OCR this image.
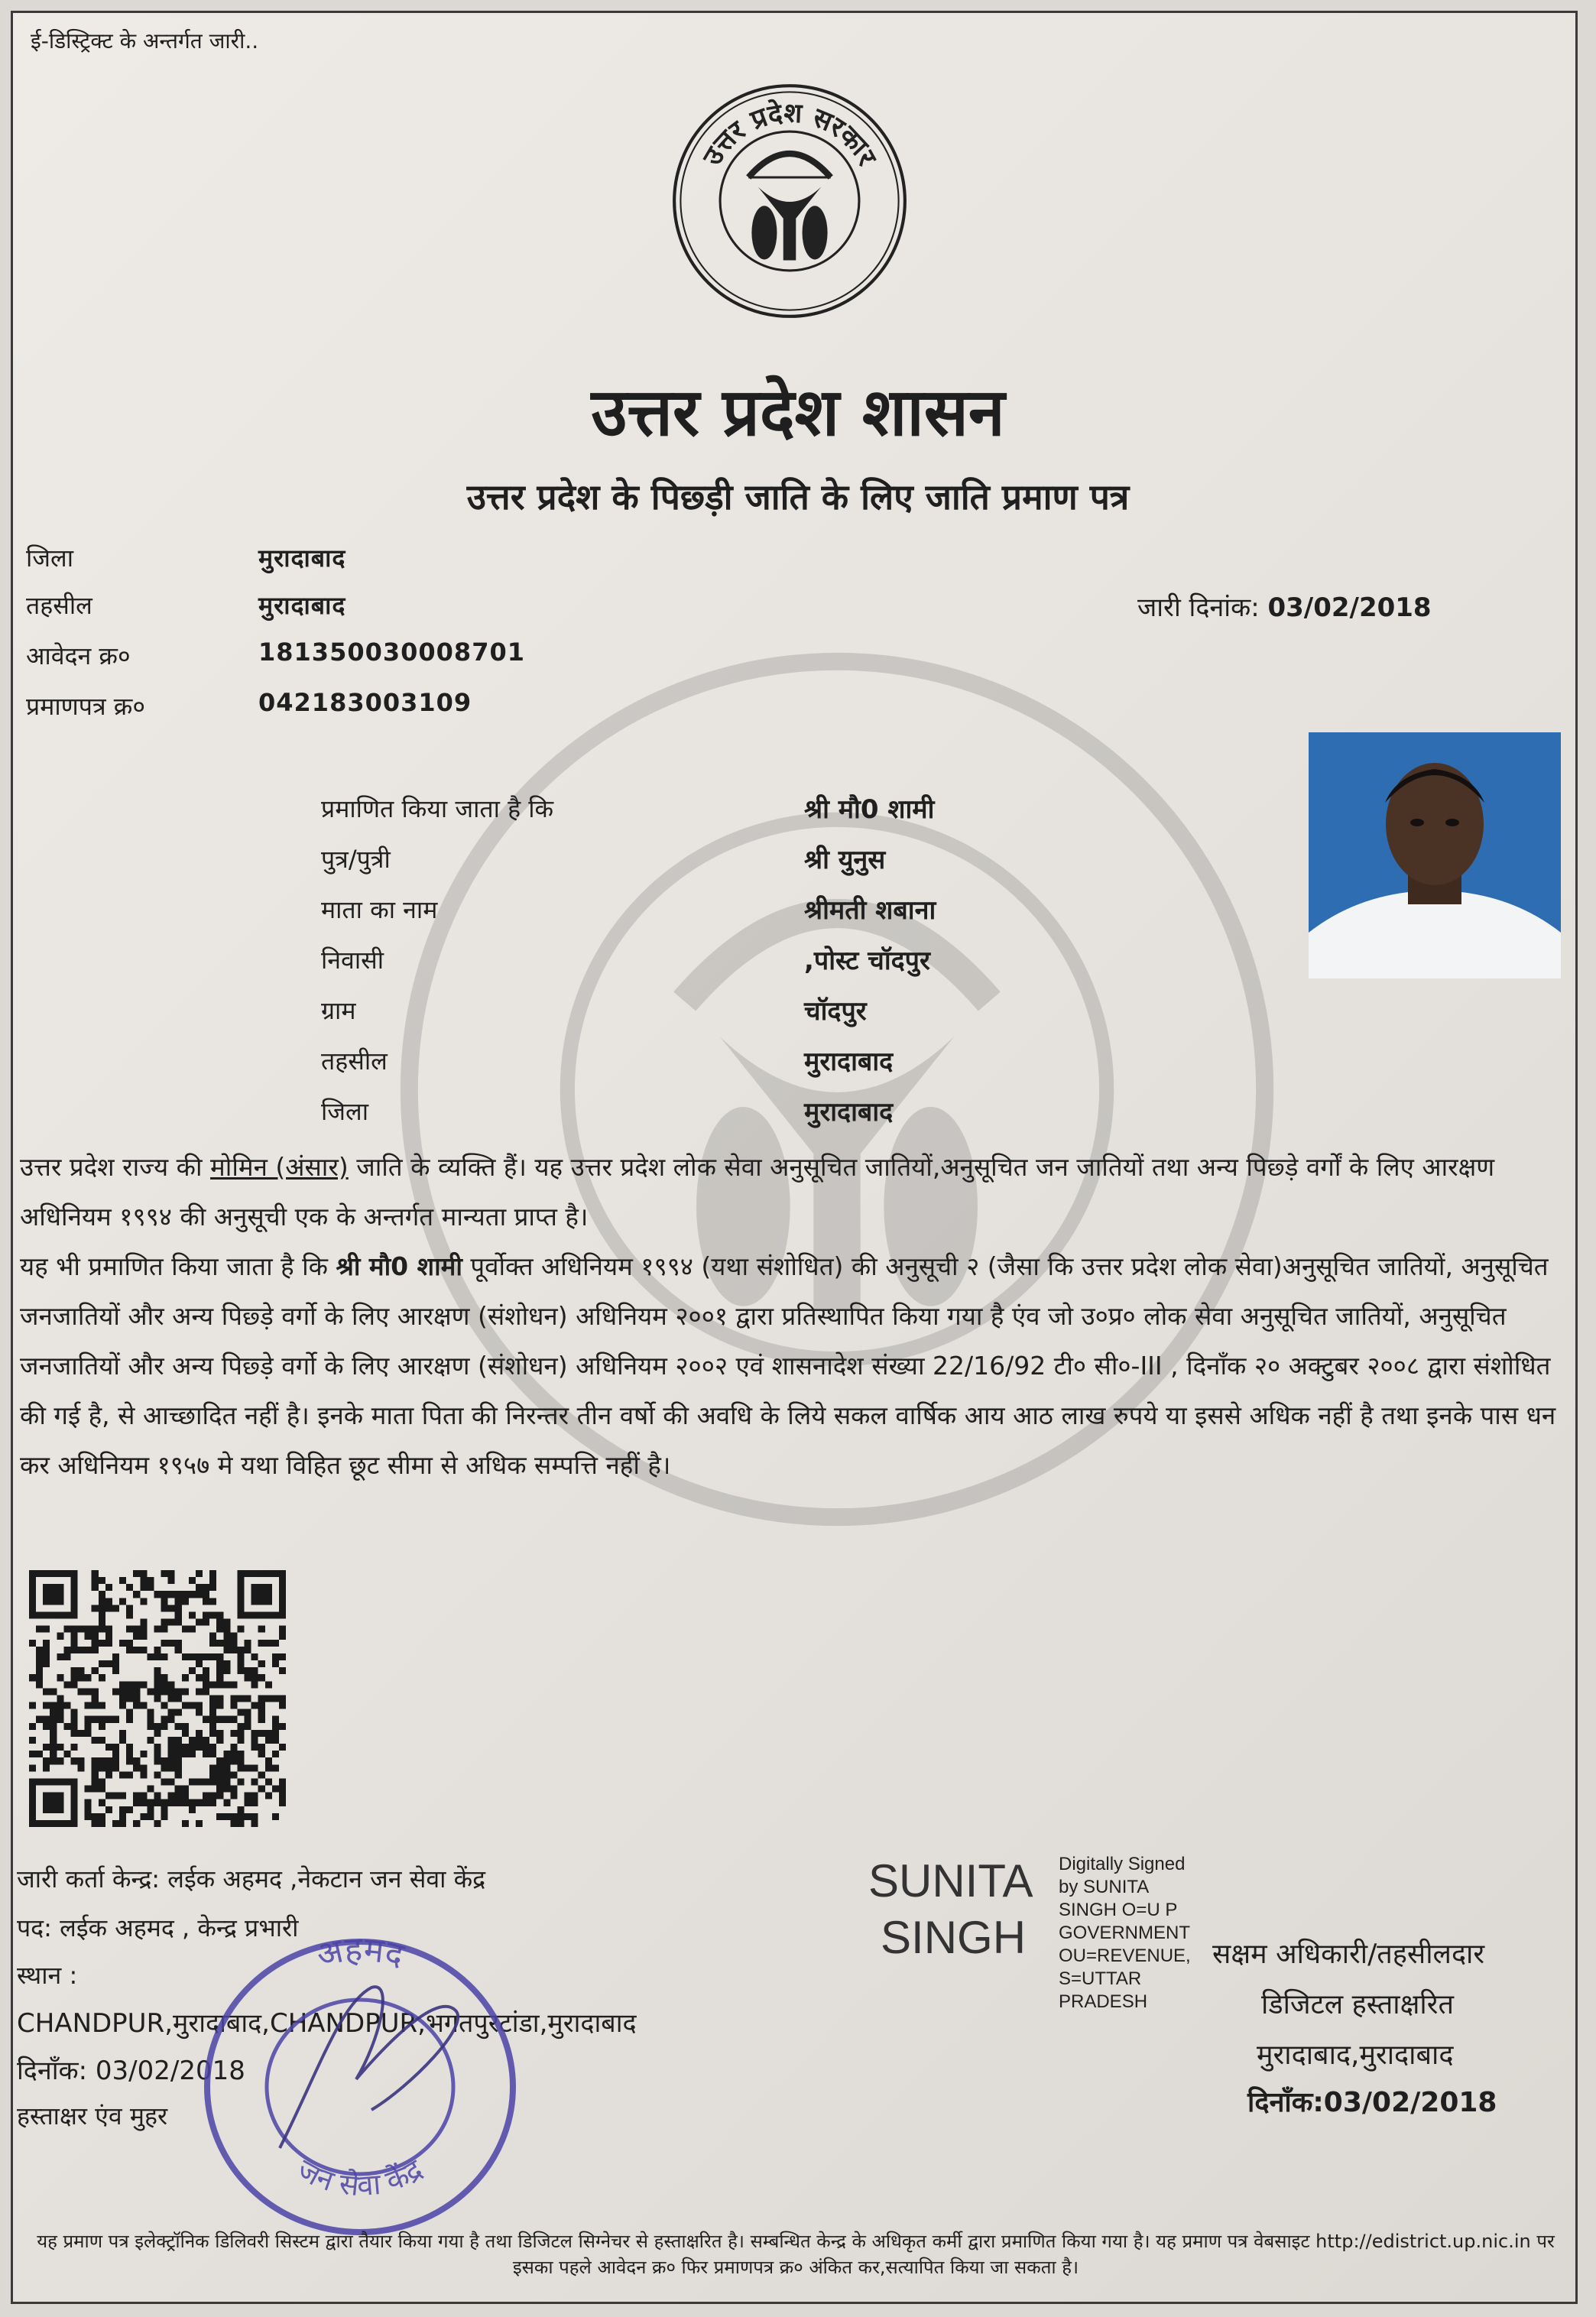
ई-डिस्ट्रिक्ट के अन्तर्गत जारी..
उत्तर प्रदेश सरकार
उत्तर प्रदेश शासन
उत्तर प्रदेश के पिछ्ड़ी जाति के लिए जाति प्रमाण पत्र
जिला	मुरादाबाद
तहसील	मुरादाबाद
आवेदन क्र०	181350030008701
प्रमाणपत्र क्र०	042183003109
जारी दिनांक: 03/02/2018
प्रमाणित किया जाता है कि	श्री मौ0 शामी
पुत्र/पुत्री	श्री युनुस
माता का नाम	श्रीमती शबाना
निवासी	,पोस्ट चॉदपुर
ग्राम	चॉदपुर
तहसील	मुरादाबाद
जिला	मुरादाबाद
उत्तर प्रदेश राज्य की मोमिन (अंसार) जाति के व्यक्ति हैं। यह उत्तर प्रदेश लोक सेवा अनुसूचित जातियों,अनुसूचित जन जातियों तथा अन्य पिछ्ड़े वर्गों के लिए आरक्षण अधिनियम १९९४ की अनुसूची एक के अन्तर्गत मान्यता प्राप्त है।
यह भी प्रमाणित किया जाता है कि श्री मौ0 शामी पूर्वोक्त अधिनियम १९९४ (यथा संशोधित) की अनुसूची २ (जैसा कि उत्तर प्रदेश लोक सेवा)अनुसूचित जातियों, अनुसूचित जनजातियों और अन्य पिछ्ड़े वर्गो के लिए आरक्षण (संशोधन) अधिनियम २००१ द्वारा प्रतिस्थापित किया गया है एंव जो उ०प्र० लोक सेवा अनुसूचित जातियों, अनुसूचित जनजातियों और अन्य पिछ्ड़े वर्गो के लिए आरक्षण (संशोधन) अधिनियम २००२ एवं शासनादेश संख्या 22/16/92 टी० सी०-III , दिनाँक २० अक्टुबर २००८ द्वारा संशोधित की गई है, से आच्छादित नहीं है। इनके माता पिता की निरन्तर तीन वर्षो की अवधि के लिये सकल वार्षिक आय आठ लाख रुपये या इससे अधिक नहीं है तथा इनके पास धन कर अधिनियम १९५७ मे यथा विहित छूट सीमा से अधिक सम्पत्ति नहीं है।
जारी कर्ता केन्द्र: लईक अहमद ,नेकटान जन सेवा केंद्र
पद: लईक अहमद , केन्द्र प्रभारी
स्थान :
CHANDPUR,मुरादाबाद,CHANDPUR,भगतपुरटांडा,मुरादाबाद
दिनाँक: 03/02/2018
हस्ताक्षर एंव मुहर
अहमद
जन सेवा केंद्र
SUNITA
SINGH
Digitally Signed
by SUNITA
SINGH O=U P
GOVERNMENT
OU=REVENUE,
S=UTTAR
PRADESH
सक्षम अधिकारी/तहसीलदार
डिजिटल हस्ताक्षरित
मुरादाबाद,मुरादाबाद
दिनाँक:03/02/2018
यह प्रमाण पत्र इलेक्ट्रॉनिक डिलिवरी सिस्टम द्वारा तैयार किया गया है तथा डिजिटल सिग्नेचर से हस्ताक्षरित है। सम्बन्धित केन्द्र के अधिकृत कर्मी द्वारा प्रमाणित किया गया है। यह प्रमाण पत्र वेबसाइट http://edistrict.up.nic.in पर इसका पहले आवेदन क्र० फिर प्रमाणपत्र क्र० अंकित कर,सत्यापित किया जा सकता है।
